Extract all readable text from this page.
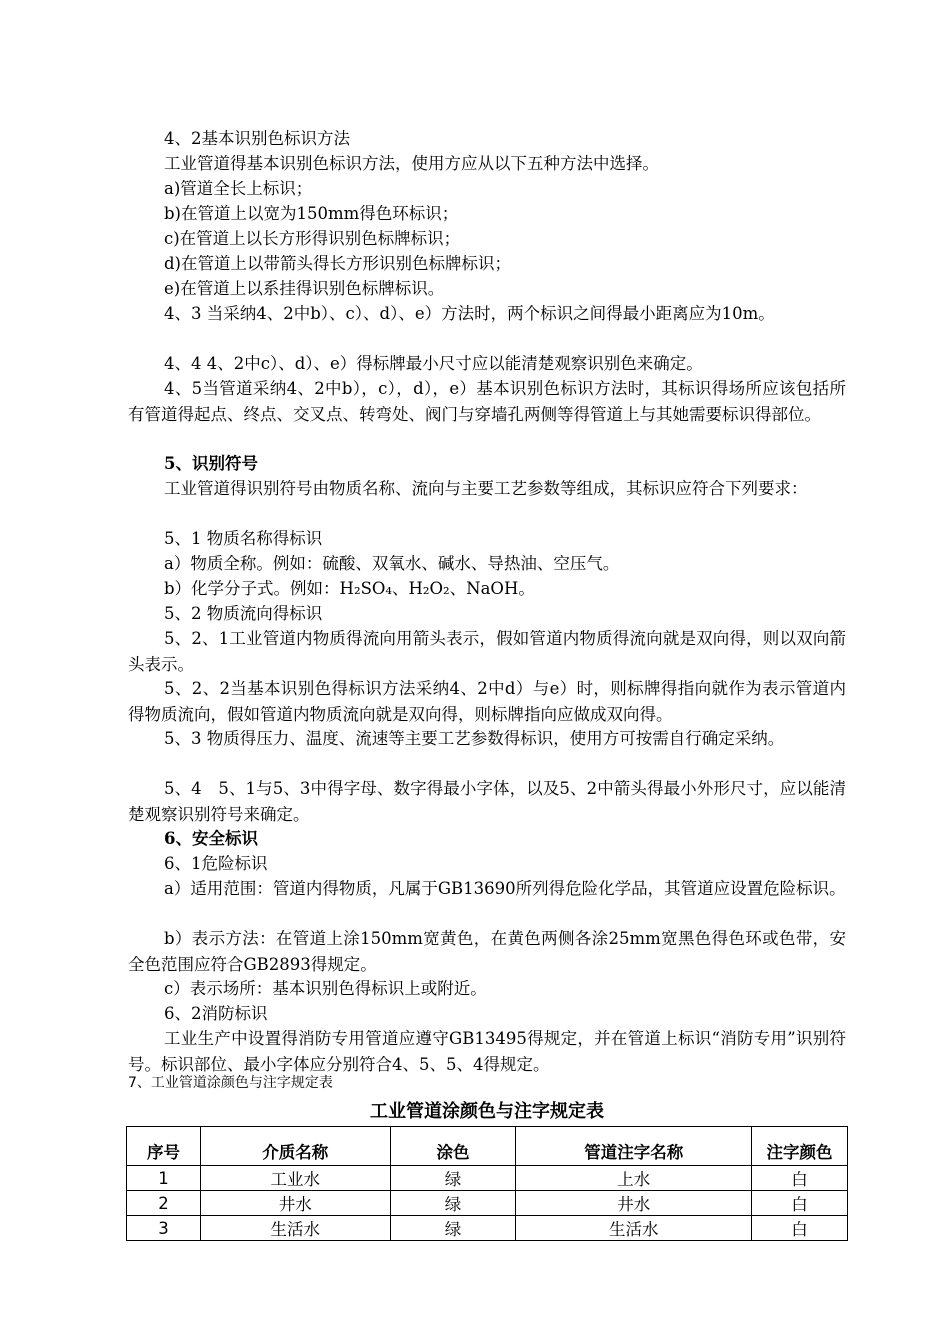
4、2基本识别色标识方法
工业管道得基本识别色标识方法，使用方应从以下五种方法中选择。
a)管道全长上标识；
b)在管道上以宽为150mm得色环标识；
c)在管道上以长方形得识别色标牌标识；
d)在管道上以带箭头得长方形识别色标牌标识；
e)在管道上以系挂得识别色标牌标识。
4、3 当采纳4、2中b）、c）、d）、e）方法时，两个标识之间得最小距离应为10m。
4、4 4、2中c）、d）、e）得标牌最小尺寸应以能清楚观察识别色来确定。
4、5当管道采纳4、2中b），c），d），e）基本识别色标识方法时，其标识得场所应该包括所有管道得起点、终点、交叉点、转弯处、阀门与穿墙孔两侧等得管道上与其她需要标识得部位。
5、识别符号
工业管道得识别符号由物质名称、流向与主要工艺参数等组成，其标识应符合下列要求：
5、1 物质名称得标识
a）物质全称。例如：硫酸、双氧水、碱水、导热油、空压气。
b）化学分子式。例如：H₂SO₄、H₂O₂、NaOH。
5、2 物质流向得标识
5、2、1工业管道内物质得流向用箭头表示，假如管道内物质得流向就是双向得，则以双向箭头表示。
5、2、2当基本识别色得标识方法采纳4、2中d）与e）时，则标牌得指向就作为表示管道内得物质流向，假如管道内物质流向就是双向得，则标牌指向应做成双向得。
5、3 物质得压力、温度、流速等主要工艺参数得标识，使用方可按需自行确定采纳。
5、4　5、1与5、3中得字母、数字得最小字体，以及5、2中箭头得最小外形尺寸，应以能清楚观察识别符号来确定。
6、安全标识
6、1危险标识
a）适用范围：管道内得物质，凡属于GB13690所列得危险化学品，其管道应设置危险标识。
b）表示方法：在管道上涂150mm宽黄色，在黄色两侧各涂25mm宽黑色得色环或色带，安全色范围应符合GB2893得规定。
c）表示场所：基本识别色得标识上或附近。
6、2消防标识
工业生产中设置得消防专用管道应遵守GB13495得规定，并在管道上标识“消防专用”识别符号。标识部位、最小字体应分别符合4、5、5、4得规定。
7、工业管道涂颜色与注字规定表
工业管道涂颜色与注字规定表
序号	介质名称	涂色	管道注字名称	注字颜色
1	工业水	绿	上水	白
2	井水	绿	井水	白
3	生活水	绿	生活水	白
